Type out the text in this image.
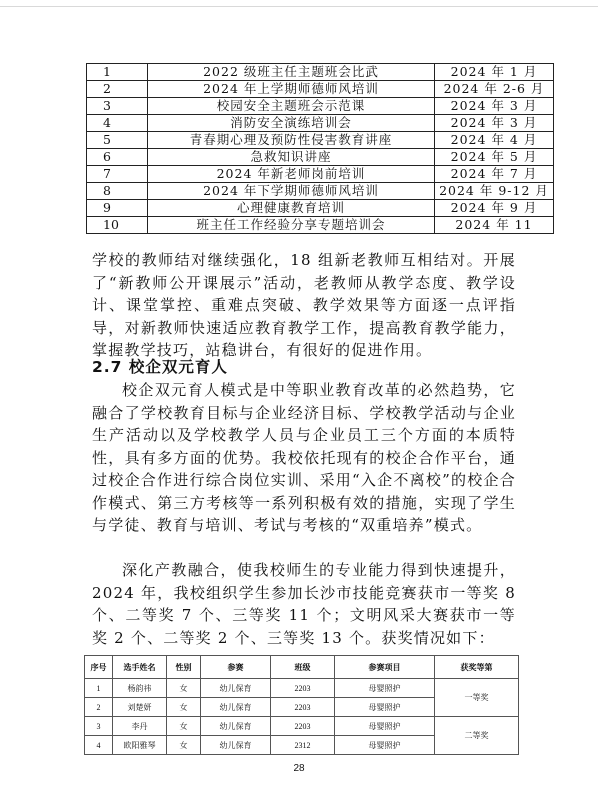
1	2022 级班主任主题班会比武	2024 年 1 月
2	2024 年上学期师德师风培训	2024 年 2-6 月
3	校园安全主题班会示范课	2024 年 3 月
4	消防安全演练培训会	2024 年 3 月
5	青春期心理及预防性侵害教育讲座	2024 年 4 月
6	急救知识讲座	2024 年 5 月
7	2024 年新老师岗前培训	2024 年 7 月
8	2024 年下学期师德师风培训	2024 年 9-12 月
9	心理健康教育培训	2024 年 9 月
10	班主任工作经验分享专题培训会	2024 年 11

学校的教师结对继续强化，18 组新老教师互相结对。开展了“新教师公开课展示”活动，老教师从教学态度、教学设计、课堂掌控、重难点突破、教学效果等方面逐一点评指导，对新教师快速适应教育教学工作，提高教育教学能力，掌握教学技巧，站稳讲台，有很好的促进作用。

2.7 校企双元育人

校企双元育人模式是中等职业教育改革的必然趋势，它融合了学校教育目标与企业经济目标、学校教学活动与企业生产活动以及学校教学人员与企业员工三个方面的本质特性，具有多方面的优势。我校依托现有的校企合作平台，通过校企合作进行综合岗位实训、采用“入企不离校”的校企合作模式、第三方考核等一系列积极有效的措施，实现了学生与学徒、教育与培训、考试与考核的“双重培养”模式。

深化产教融合，使我校师生的专业能力得到快速提升，2024 年，我校组织学生参加长沙市技能竞赛获市一等奖 8 个、二等奖 7 个、三等奖 11 个；文明风采大赛获市一等奖 2 个、二等奖 2 个、三等奖 13 个。获奖情况如下：

序号	选手姓名	性别	参赛	班级	参赛项目	获奖等第
1	杨韵祎	女	幼儿保育	2203	母婴照护	一等奖
2	刘楚妍	女	幼儿保育	2203	母婴照护	
3	李丹	女	幼儿保育	2203	母婴照护	二等奖
4	欧阳雅琴	女	幼儿保育	2312	母婴照护	
28
